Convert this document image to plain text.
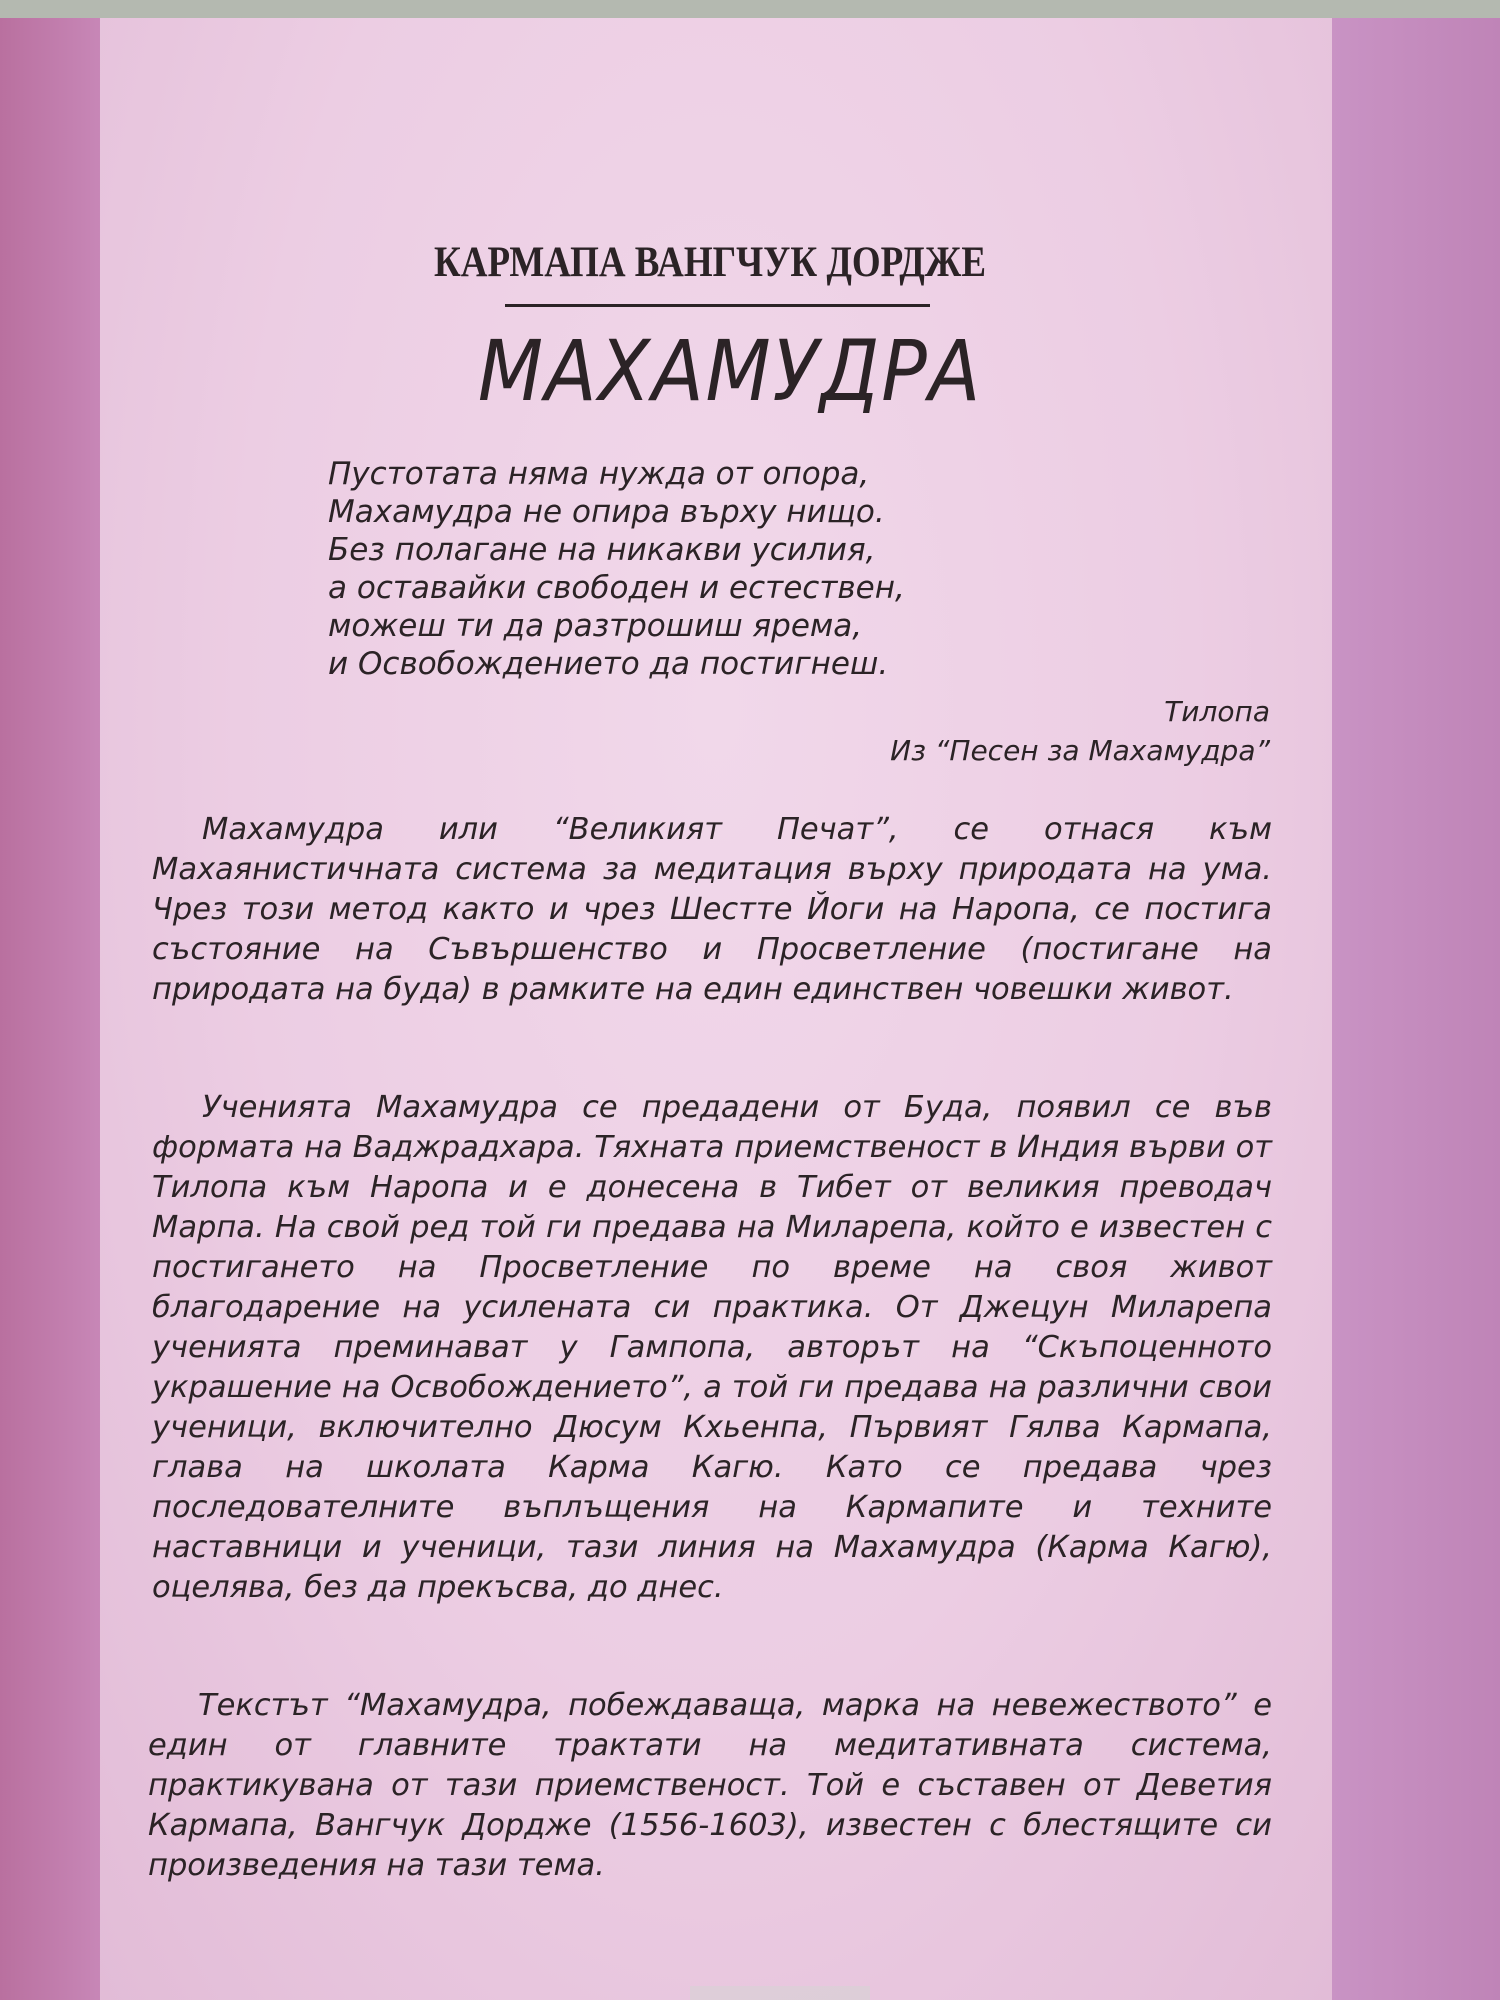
КАРМАПА ВАНГЧУК ДОРДЖЕ
МАХАМУДРА
Пустотата няма нужда от опора,
Махамудра не опира върху нищо.
Без полагане на никакви усилия,
а оставайки свободен и естествен,
можеш ти да разтрошиш ярема,
и Освобождението да постигнеш.
Тилопа
Из “Песен за Махамудра”

Махамудра или “Великият Печат”, се отнася към Махаянистичната система за медитация върху природата на ума. Чрез този метод както и чрез Шестте Йоги на Наропа, се постига състояние на Съвършенство и Просветление (постигане на природата на буда) в рамките на един единствен човешки живот.

Ученията Махамудра се предадени от Буда, появил се във формата на Ваджрадхара. Тяхната приемственост в Индия върви от Тилопа към Наропа и е донесена в Тибет от великия преводач Марпа. На свой ред той ги предава на Миларепа, който е известен с постигането на Просветление по време на своя живот благодарение на усилената си практика. От Джецун Миларепа ученията преминават у Гампопа, авторът на “Скъпоценното украшение на Освобождението”, а той ги предава на различни свои ученици, включително Дюсум Кхьенпа, Първият Гялва Кармапа, глава на школата Карма Кагю. Като се предава чрез последователните въплъщения на Кармапите и техните наставници и ученици, тази линия на Махамудра (Карма Кагю), оцелява, без да прекъсва, до днес.

Текстът “Махамудра, побеждаваща, марка на невежеството” е един от главните трактати на медитативната система, практикувана от тази приемственост. Той е съставен от Деветия Кармапа, Вангчук Дордже (1556-1603), известен с блестящите си произведения на тази тема.
